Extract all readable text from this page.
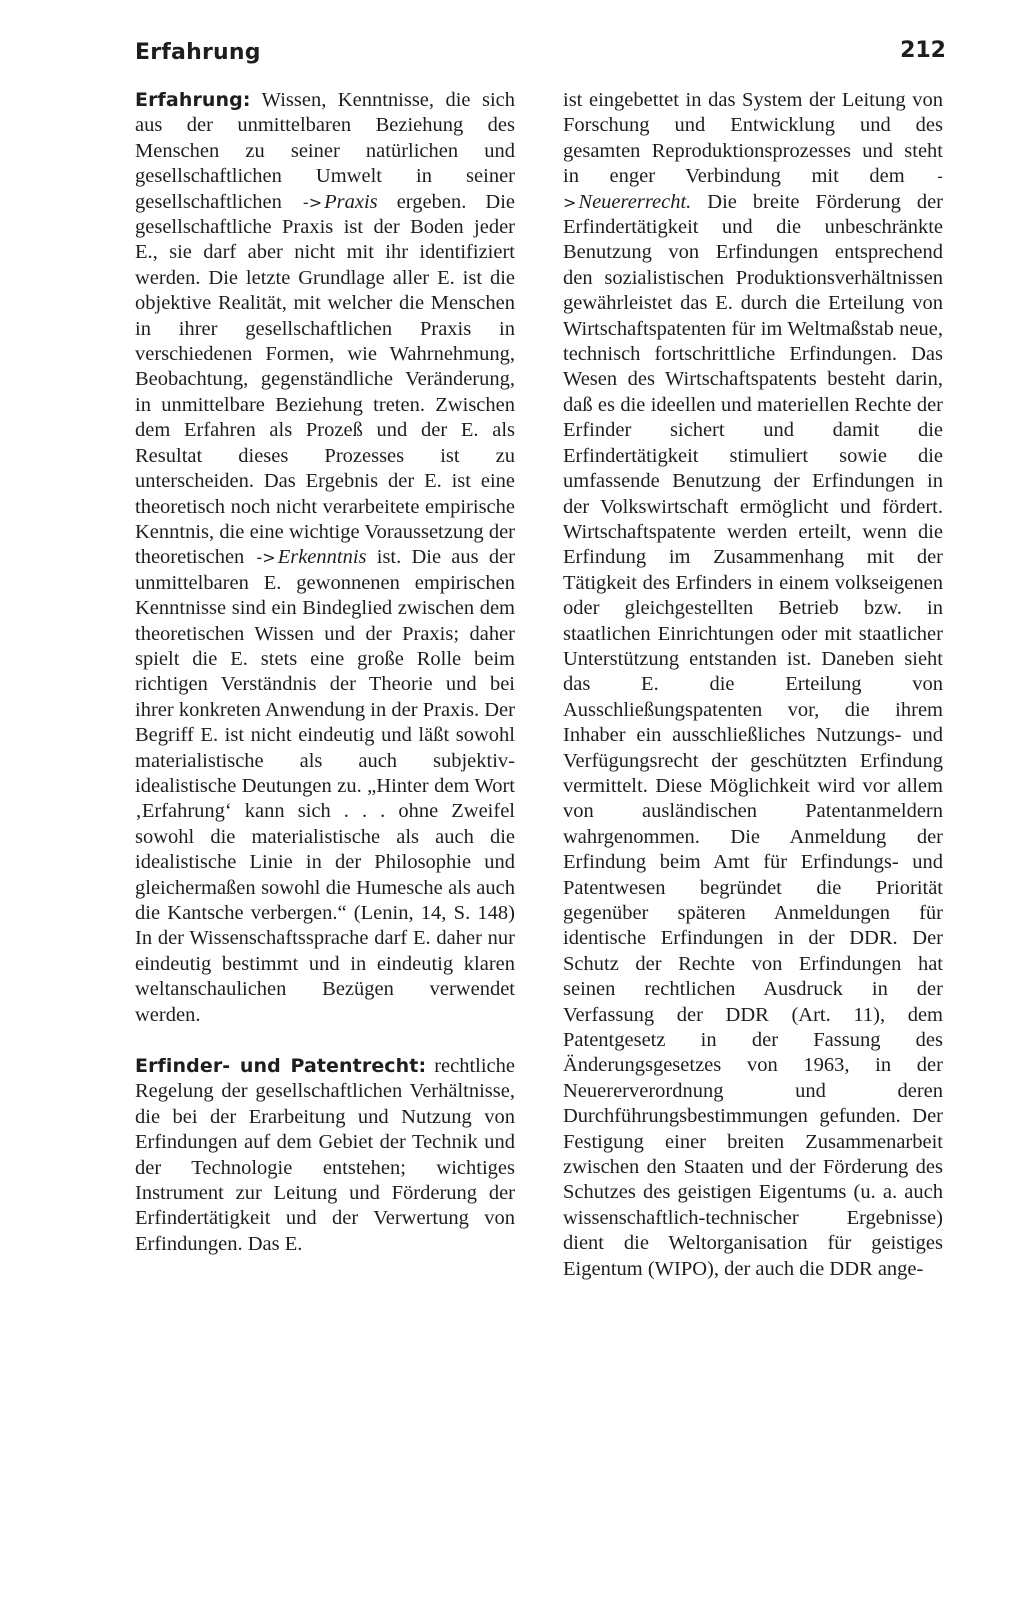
Erfahrung	212

Erfahrung: Wissen, Kenntnisse, die sich aus der unmittelbaren Beziehung des Menschen zu seiner natürlichen und gesellschaftlichen Umwelt in seiner gesellschaftlichen ->Praxis ergeben. Die gesellschaftliche Praxis ist der Boden jeder E., sie darf aber nicht mit ihr identifiziert werden. Die letzte Grundlage aller E. ist die objektive Realität, mit welcher die Menschen in ihrer gesellschaftlichen Praxis in verschiedenen Formen, wie Wahrnehmung, Beobachtung, gegenständliche Veränderung, in unmittelbare Beziehung treten. Zwischen dem Erfahren als Prozeß und der E. als Resultat dieses Prozesses ist zu unterscheiden. Das Ergebnis der E. ist eine theoretisch noch nicht verarbeitete empirische Kenntnis, die eine wichtige Voraussetzung der theoretischen ->Erkenntnis ist. Die aus der unmittelbaren E. gewonnenen empirischen Kenntnisse sind ein Bindeglied zwischen dem theoretischen Wissen und der Praxis; daher spielt die E. stets eine große Rolle beim richtigen Verständnis der Theorie und bei ihrer konkreten Anwendung in der Praxis. Der Begriff E. ist nicht eindeutig und läßt sowohl materialistische als auch subjektiv-idealistische Deutungen zu. „Hinter dem Wort ‚Erfahrung‘ kann sich . . . ohne Zweifel sowohl die materialistische als auch die idealistische Linie in der Philosophie und gleichermaßen sowohl die Humesche als auch die Kantsche verbergen.“ (Lenin, 14, S. 148) In der Wissenschaftssprache darf E. daher nur eindeutig bestimmt und in eindeutig klaren weltanschaulichen Bezügen verwendet werden.

Erfinder- und Patentrecht: rechtliche Regelung der gesellschaftlichen Verhältnisse, die bei der Erarbeitung und Nutzung von Erfindungen auf dem Gebiet der Technik und der Technologie entstehen; wichtiges Instrument zur Leitung und Förderung der Erfindertätigkeit und der Verwertung von Erfindungen. Das E.

ist eingebettet in das System der Leitung von Forschung und Entwicklung und des gesamten Reproduktionsprozesses und steht in enger Verbindung mit dem ->Neuererrecht. Die breite Förderung der Erfindertätigkeit und die unbeschränkte Benutzung von Erfindungen entsprechend den sozialistischen Produktionsverhältnissen gewährleistet das E. durch die Erteilung von Wirtschaftspatenten für im Weltmaßstab neue, technisch fortschrittliche Erfindungen. Das Wesen des Wirtschaftspatents besteht darin, daß es die ideellen und materiellen Rechte der Erfinder sichert und damit die Erfindertätigkeit stimuliert sowie die umfassende Benutzung der Erfindungen in der Volkswirtschaft ermöglicht und fördert. Wirtschaftspatente werden erteilt, wenn die Erfindung im Zusammenhang mit der Tätigkeit des Erfinders in einem volkseigenen oder gleichgestellten Betrieb bzw. in staatlichen Einrichtungen oder mit staatlicher Unterstützung entstanden ist. Daneben sieht das E. die Erteilung von Ausschließungspatenten vor, die ihrem Inhaber ein ausschließliches Nutzungs- und Verfügungsrecht der geschützten Erfindung vermittelt. Diese Möglichkeit wird vor allem von ausländischen Patentanmeldern wahrgenommen. Die Anmeldung der Erfindung beim Amt für Erfindungs- und Patentwesen begründet die Priorität gegenüber späteren Anmeldungen für identische Erfindungen in der DDR. Der Schutz der Rechte von Erfindungen hat seinen rechtlichen Ausdruck in der Verfassung der DDR (Art. 11), dem Patentgesetz in der Fassung des Änderungsgesetzes von 1963, in der Neuererverordnung und deren Durchführungsbestimmungen gefunden. Der Festigung einer breiten Zusammenarbeit zwischen den Staaten und der Förderung des Schutzes des geistigen Eigentums (u. a. auch wissenschaftlich-technischer Ergebnisse) dient die Weltorganisation für geistiges Eigentum (WIPO), der auch die DDR ange-
